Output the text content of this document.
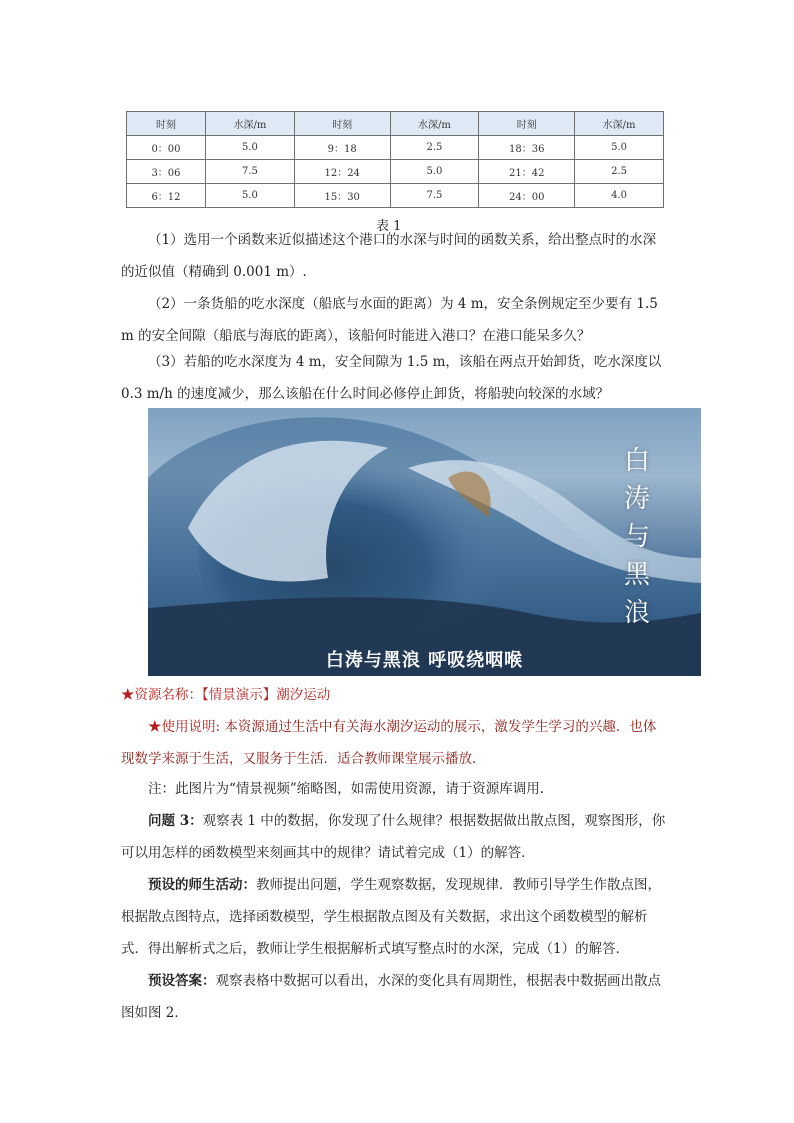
时刻	水深/m	时刻	水深/m	时刻	水深/m
0：00	5.0	9：18	2.5	18：36	5.0
3：06	7.5	12：24	5.0	21：42	2.5
6：12	5.0	15：30	7.5	24：00	4.0
表 1
（1）选用一个函数来近似描述这个港口的水深与时间的函数关系，给出整点时的水深
的近似值（精确到 0.001 m）.
（2）一条货船的吃水深度（船底与水面的距离）为 4 m，安全条例规定至少要有 1.5
m 的安全间隙（船底与海底的距离），该船何时能进入港口？在港口能呆多久？
（3）若船的吃水深度为 4 m，安全间隙为 1.5 m，该船在两点开始卸货，吃水深度以
0.3 m/h 的速度减少，那么该船在什么时间必修停止卸货，将船驶向较深的水域？
白
涛
与
黑
浪
白涛与黑浪 呼吸绕咽喉
★资源名称：【情景演示】潮汐运动
★使用说明: 本资源通过生活中有关海水潮汐运动的展示，激发学生学习的兴趣．也体
现数学来源于生活，又服务于生活．适合教师课堂展示播放．
注：此图片为“情景视频”缩略图，如需使用资源，请于资源库调用.
问题 3：观察表 1 中的数据，你发现了什么规律？根据数据做出散点图，观察图形，你
可以用怎样的函数模型来刻画其中的规律？请试着完成（1）的解答．
预设的师生活动：教师提出问题，学生观察数据，发现规律．教师引导学生作散点图，
根据散点图特点，选择函数模型，学生根据散点图及有关数据，求出这个函数模型的解析
式．得出解析式之后，教师让学生根据解析式填写整点时的水深，完成（1）的解答．
预设答案：观察表格中数据可以看出，水深的变化具有周期性，根据表中数据画出散点
图如图 2．
